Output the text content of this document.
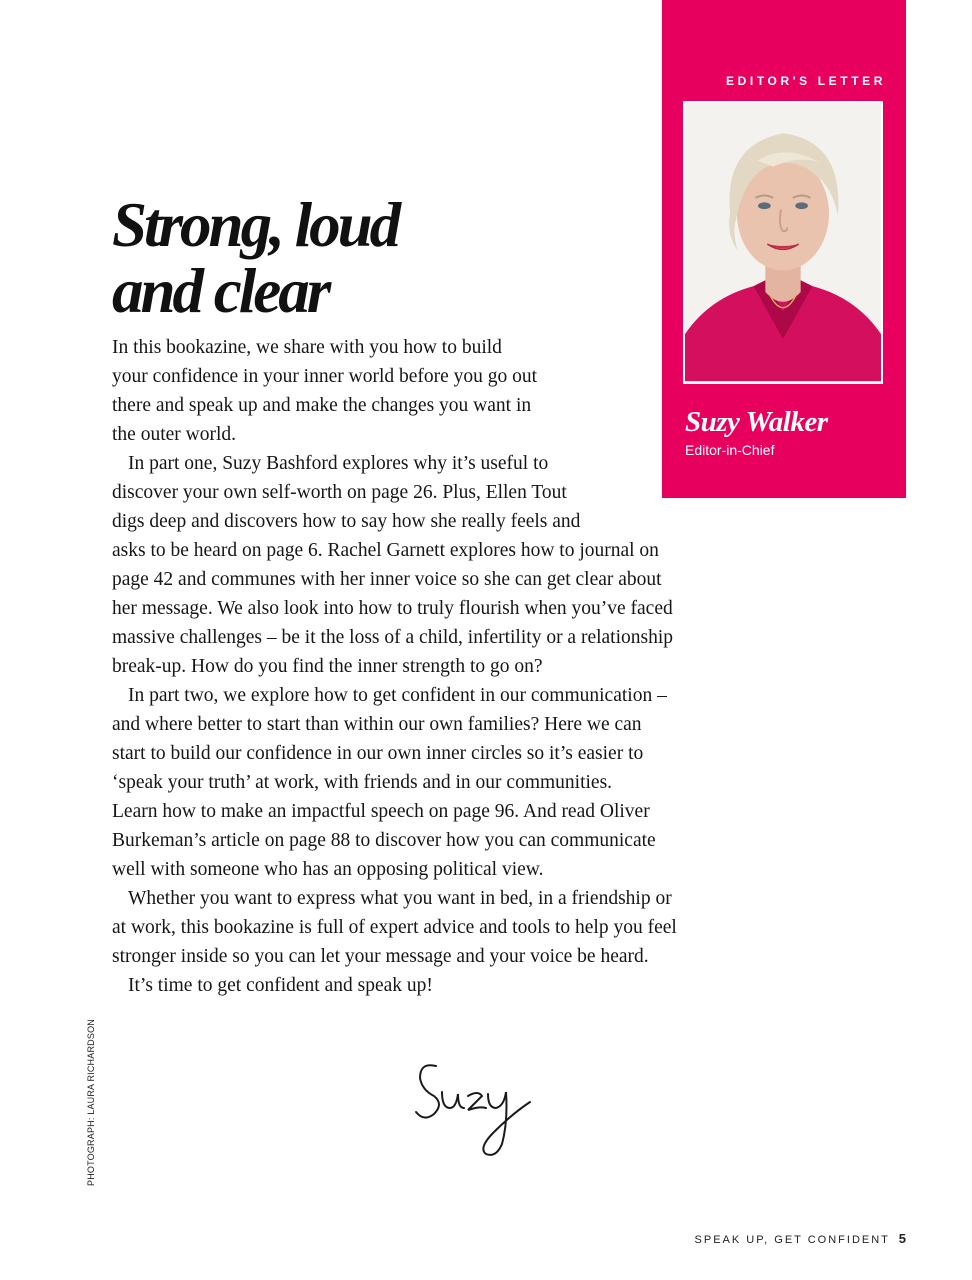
EDITOR'S LETTER
Suzy Walker
Editor-in-Chief
Strong, loud
and clear

In this bookazine, we share with you how to build
your confidence in your inner world before you go out
there and speak up and make the changes you want in
the outer world.

In part one, Suzy Bashford explores why it’s useful to
discover your own self-worth on page 26. Plus, Ellen Tout
digs deep and discovers how to say how she really feels and
asks to be heard on page 6. Rachel Garnett explores how to journal on
page 42 and communes with her inner voice so she can get clear about
her message. We also look into how to truly flourish when you’ve faced
massive challenges – be it the loss of a child, infertility or a relationship
break-up. How do you find the inner strength to go on?

In part two, we explore how to get confident in our communication –
and where better to start than within our own families? Here we can
start to build our confidence in our own inner circles so it’s easier to
‘speak your truth’ at work, with friends and in our communities.
Learn how to make an impactful speech on page 96. And read Oliver
Burkeman’s article on page 88 to discover how you can communicate
well with someone who has an opposing political view.

Whether you want to express what you want in bed, in a friendship or
at work, this bookazine is full of expert advice and tools to help you feel
stronger inside so you can let your message and your voice be heard.

It’s time to get confident and speak up!

PHOTOGRAPH: LAURA RICHARDSON
SPEAK UP, GET CONFIDENT 5
